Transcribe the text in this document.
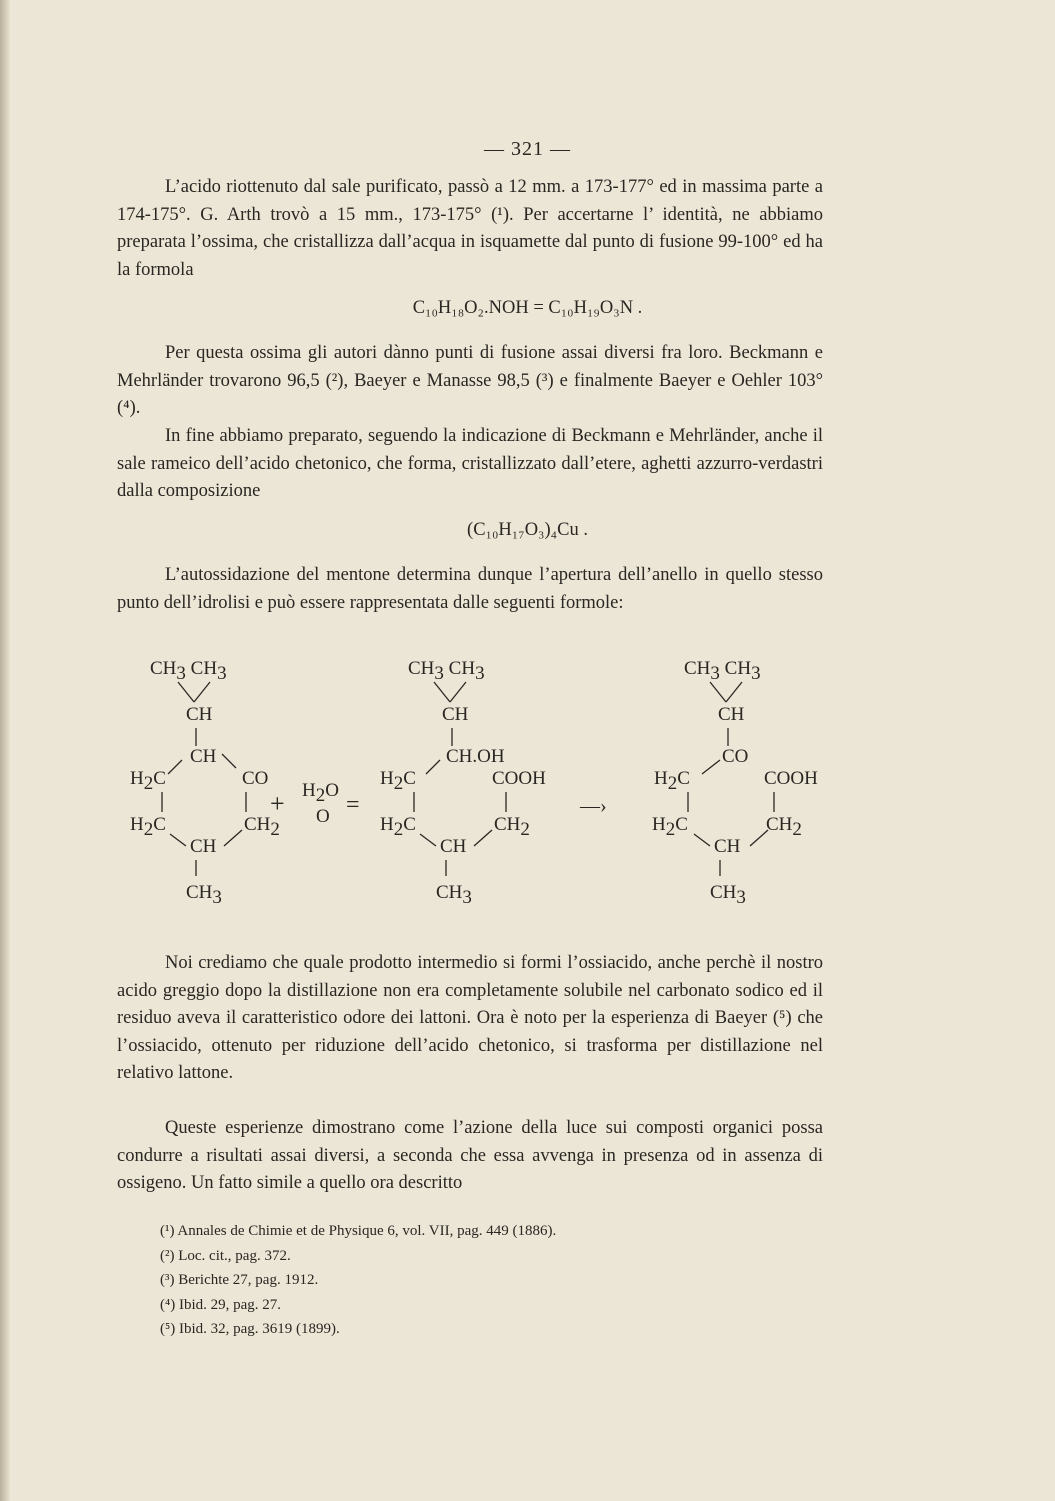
— 321 —
L’acido riottenuto dal sale purificato, passò a 12 mm. a 173-177° ed in massima parte a 174-175°. G. Arth trovò a 15 mm., 173-175° (¹). Per accertarne l’ identità, ne abbiamo preparata l’ossima, che cristallizza dall’acqua in isquamette dal punto di fusione 99-100° ed ha la formola
C₁₀H₁₈O₂.NOH = C₁₀H₁₉O₃N .
Per questa ossima gli autori dànno punti di fusione assai diversi fra loro. Beckmann e Mehrländer trovarono 96,5 (²), Baeyer e Manasse 98,5 (³) e finalmente Baeyer e Oehler 103° (⁴).
In fine abbiamo preparato, seguendo la indicazione di Beckmann e Mehrländer, anche il sale rameico dell’acido chetonico, che forma, cristallizzato dall’etere, aghetti azzurro-verdastri dalla composizione
(C₁₀H₁₇O₃)₄Cu .
L’autossidazione del mentone determina dunque l’apertura dell’anello in quello stesso punto dell’idrolisi e può essere rappresentata dalle seguenti formole:
CH3 CH3
CH
CH
H2C	CO
H2C	CH2
CH
CH3
+ H2O
O =
CH3 CH3
CH
CH.OH
H2C	COOH
H2C	CH2
CH
CH3
—›
CH3 CH3
CH
CO
H2C	COOH
H2C	CH2
CH
CH3
Noi crediamo che quale prodotto intermedio si formi l’ossiacido, anche perchè il nostro acido greggio dopo la distillazione non era completamente solubile nel carbonato sodico ed il residuo aveva il caratteristico odore dei lattoni. Ora è noto per la esperienza di Baeyer (⁵) che l’ossiacido, ottenuto per riduzione dell’acido chetonico, si trasforma per distillazione nel relativo lattone.
Queste esperienze dimostrano come l’azione della luce sui composti organici possa condurre a risultati assai diversi, a seconda che essa avvenga in presenza od in assenza di ossigeno. Un fatto simile a quello ora descritto
(¹) Annales de Chimie et de Physique 6, vol. VII, pag. 449 (1886).
(²) Loc. cit., pag. 372.
(³) Berichte 27, pag. 1912.
(⁴) Ibid. 29, pag. 27.
(⁵) Ibid. 32, pag. 3619 (1899).
